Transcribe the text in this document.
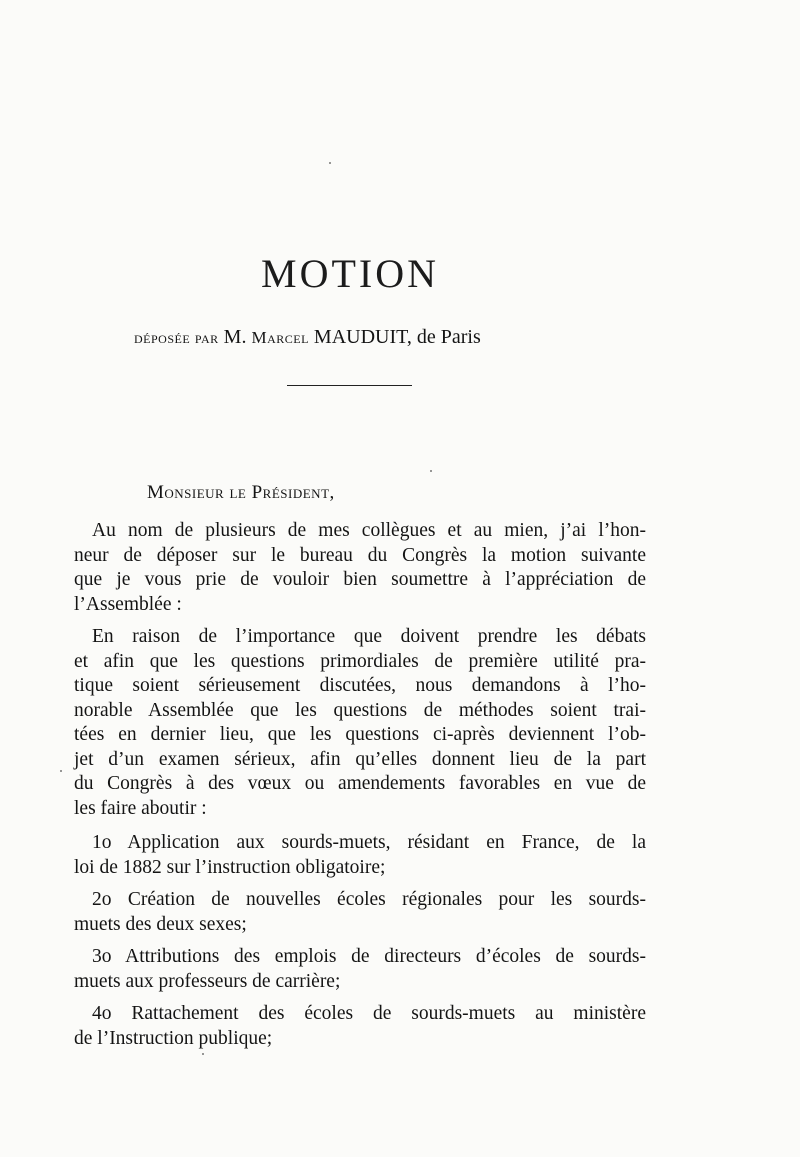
MOTION

déposée par M. Marcel MAUDUIT, de Paris

Monsieur le Président,

Au nom de plusieurs de mes collègues et au mien, j’ai l’hon-
neur de déposer sur le bureau du Congrès la motion suivante
que je vous prie de vouloir bien soumettre à l’appréciation de
l’Assemblée :
En raison de l’importance que doivent prendre les débats
et afin que les questions primordiales de première utilité pra-
tique soient sérieusement discutées, nous demandons à l’ho-
norable Assemblée que les questions de méthodes soient trai-
tées en dernier lieu, que les questions ci-après deviennent l’ob-
jet d’un examen sérieux, afin qu’elles donnent lieu de la part
du Congrès à des vœux ou amendements favorables en vue de
les faire aboutir :
1o Application aux sourds-muets, résidant en France, de la
loi de 1882 sur l’instruction obligatoire;
2o Création de nouvelles écoles régionales pour les sourds-
muets des deux sexes;
3o Attributions des emplois de directeurs d’écoles de sourds-
muets aux professeurs de carrière;
4o Rattachement des écoles de sourds-muets au ministère
de l’Instruction publique;
